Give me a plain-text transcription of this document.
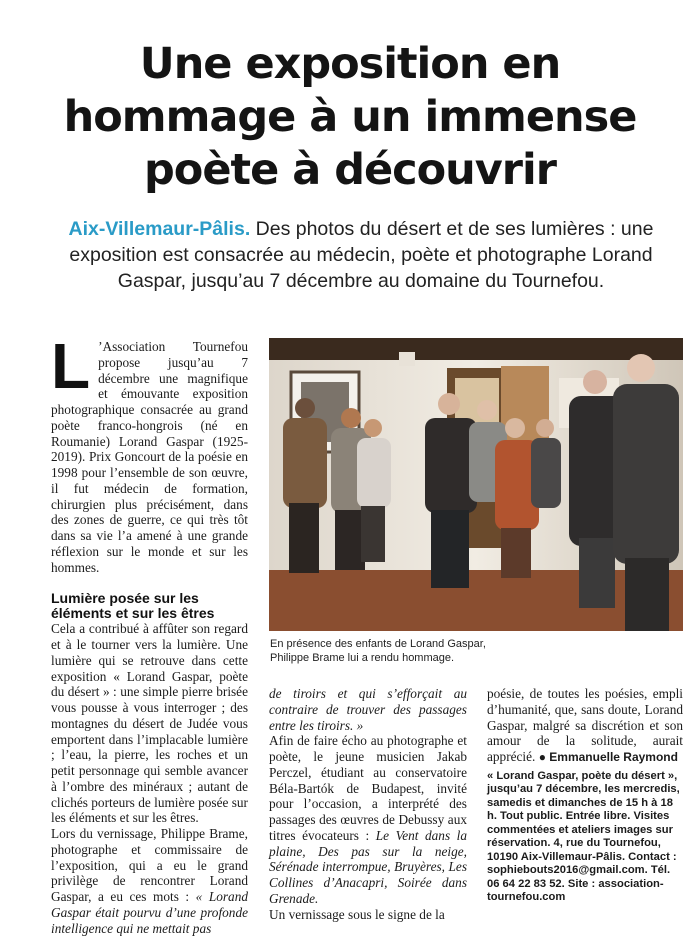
Une exposition en
hommage à un immense
poète à découvrir
Aix-Villemaur-Pâlis. Des photos du désert et de ses lumières : une exposition est consacrée au médecin, poète et photographe Lorand Gaspar, jusqu’au 7 décembre au domaine du Tournefou.

L ’Association Tournefou propose jusqu’au 7 décembre une magnifique et émouvante exposition photographique consacrée au grand poète franco-hongrois (né en Roumanie) Lorand Gaspar (1925-2019). Prix Goncourt de la poésie en 1998 pour l’ensemble de son œuvre, il fut médecin de formation, chirurgien plus précisément, dans des zones de guerre, ce qui très tôt dans sa vie l’a amené à une grande réflexion sur le monde et sur les hommes.

Lumière posée sur les éléments et sur les êtres

Cela a contribué à affûter son regard et à le tourner vers la lumière. Une lumière qui se retrouve dans cette exposition « Lorand Gaspar, poète du désert » : une simple pierre brisée vous pousse à vous interroger ; des montagnes du désert de Judée vous emportent dans l’implacable lumière ; l’eau, la pierre, les roches et un petit personnage qui semble avancer à l’ombre des minéraux ; autant de clichés porteurs de lumière posée sur les éléments et sur les êtres.

Lors du vernissage, Philippe Brame, photographe et commissaire de l’exposition, qui a eu le grand privilège de rencontrer Lorand Gaspar, a eu ces mots : « Lorand Gaspar était pourvu d’une profonde intelligence qui ne mettait pas

En présence des enfants de Lorand Gaspar,
Philippe Brame lui a rendu hommage.

de tiroirs et qui s’efforçait au contraire de trouver des passages entre les tiroirs. »

Afin de faire écho au photographe et poète, le jeune musicien Jakab Perczel, étudiant au conservatoire Béla-Bartók de Budapest, invité pour l’occasion, a interprété des passages des œuvres de Debussy aux titres évocateurs : Le Vent dans la plaine, Des pas sur la neige, Sérénade interrompue, Bruyères, Les Collines d’Anacapri, Soirée dans Grenade.

Un vernissage sous le signe de la

poésie, de toutes les poésies, empli d’humanité, que, sans doute, Lorand Gaspar, malgré sa discrétion et son amour de la solitude, aurait apprécié. ● Emmanuelle Raymond

« Lorand Gaspar, poète du désert », jusqu’au 7 décembre, les mercredis, samedis et dimanches de 15 h à 18 h. Tout public. Entrée libre. Visites commentées et ateliers images sur réservation. 4, rue du Tournefou, 10190 Aix-Villemaur-Pâlis. Contact : sophiebouts2016@gmail.com. Tél. 06 64 22 83 52. Site : association-tournefou.com
